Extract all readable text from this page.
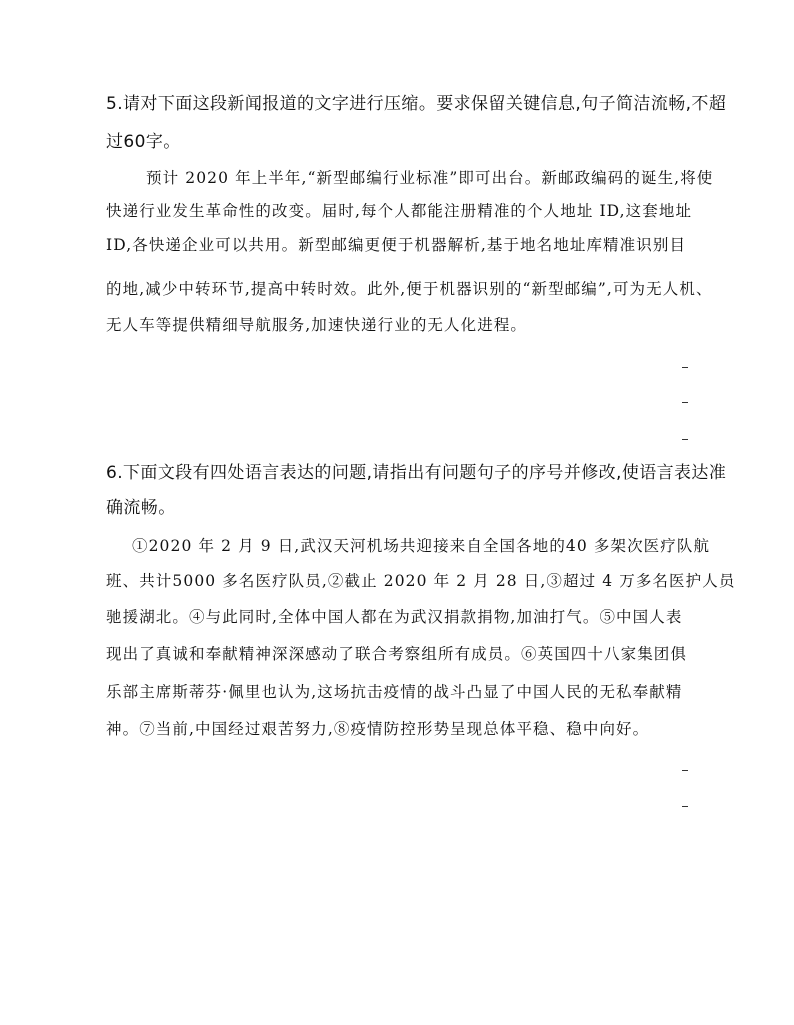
5.请对下面这段新闻报道的文字进行压缩。要求保留关键信息,句子简洁流畅,不超
过60字。
预计 2020 年上半年,“新型邮编行业标准”即可出台。新邮政编码的诞生,将使
快递行业发生革命性的改变。届时,每个人都能注册精准的个人地址 ID,这套地址
ID,各快递企业可以共用。新型邮编更便于机器解析,基于地名地址库精准识别目
的地,减少中转环节,提高中转时效。此外,便于机器识别的“新型邮编”,可为无人机、
无人车等提供精细导航服务,加速快递行业的无人化进程。
6.下面文段有四处语言表达的问题,请指出有问题句子的序号并修改,使语言表达准
确流畅。
①2020 年 2 月 9 日,武汉天河机场共迎接来自全国各地的40 多架次医疗队航
班、共计5000 多名医疗队员,②截止 2020 年 2 月 28 日,③超过 4 万多名医护人员
驰援湖北。④与此同时,全体中国人都在为武汉捐款捐物,加油打气。⑤中国人表
现出了真诚和奉献精神深深感动了联合考察组所有成员。⑥英国四十八家集团俱
乐部主席斯蒂芬·佩里也认为,这场抗击疫情的战斗凸显了中国人民的无私奉献精
神。⑦当前,中国经过艰苦努力,⑧疫情防控形势呈现总体平稳、稳中向好。
